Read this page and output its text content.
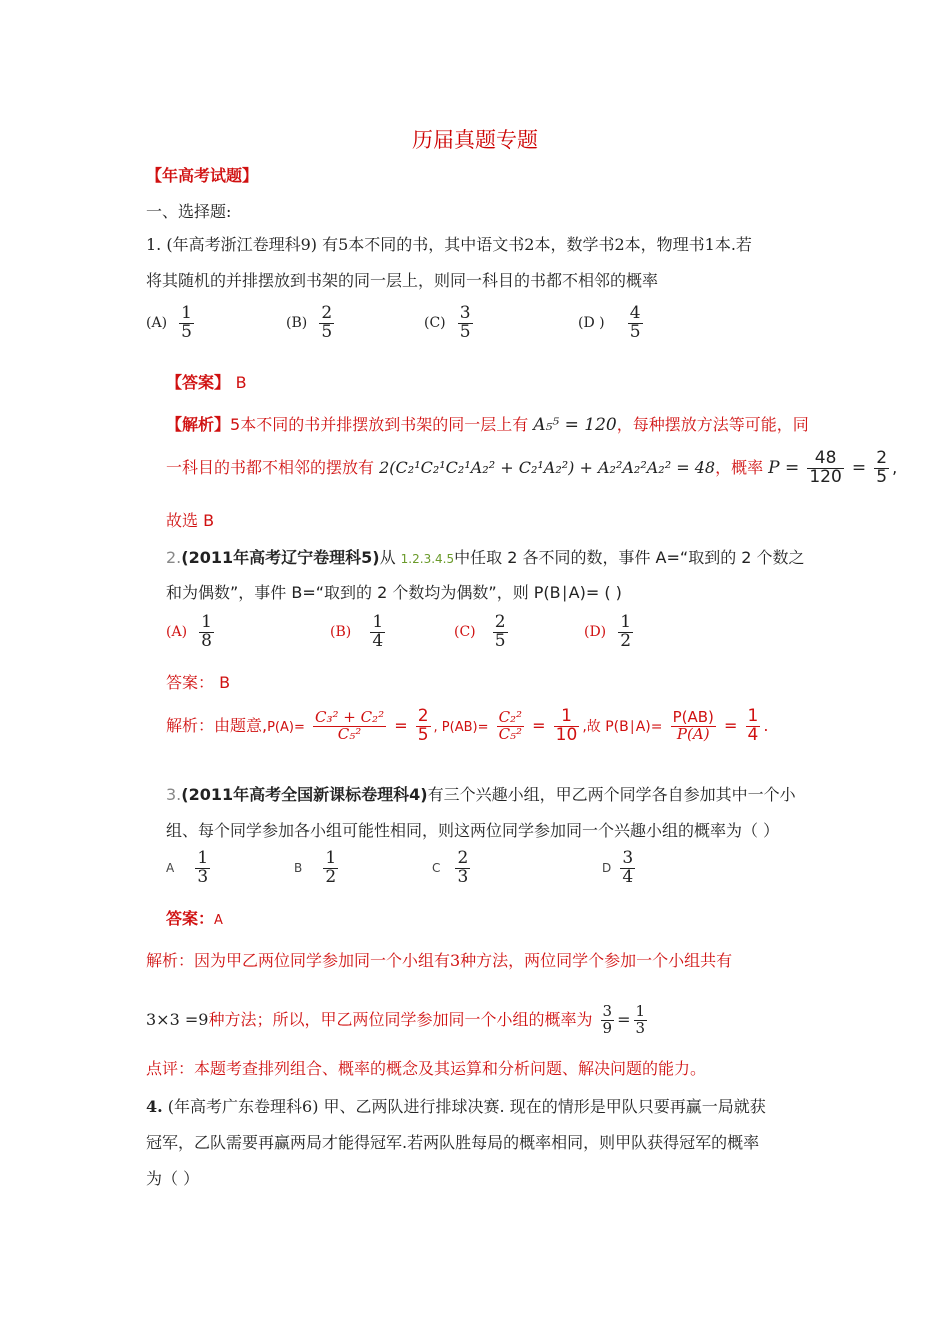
历届真题专题
【年高考试题】
一、选择题:
1. (年高考浙江卷理科9) 有5本不同的书，其中语文书2本，数学书2本，物理书1本.若
将其随机的并排摆放到书架的同一层上，则同一科目的书都不相邻的概率
$(A) \frac{1}{5}$	$(B) \frac{2}{5}$	$(C) \frac{3}{5}$	(D ) $\frac{4}{5}$
【答案】 B
【解析】5本不同的书并排摆放到书架的同一层上有 A₅⁵ = 120，每种摆放方法等可能，同
一科目的书都不相邻的摆放有 2(C₂¹C₂¹C₂¹A₂² + C₂¹A₂²) + A₂²A₂²A₂² = 48，概率 $P = \frac{48}{120} = \frac{2}{5}$ ,
故选 B
2.(2011年高考辽宁卷理科5)从 1.2.3.4.5中任取 2 各不同的数，事件 A=“取到的 2 个数之
和为偶数”，事件 B=“取到的 2 个数均为偶数”，则 P(B∣A)= ( )
$(A) \frac{1}{8}$	$(B) \frac{1}{4}$	$(C) \frac{2}{5}$	$(D) \frac{1}{2}$
答案： B
解析：由题意$,P(A)= \frac{\text{C₃² + C₂²}}{\text{C₅²}} = \frac{2}{5}$ , $P(AB)= \frac{\text{C₂²}}{\text{C₅²}} = \frac{1}{10}$ ,故 P(B∣A)= $\frac{P(AB)}{P(A)} = \frac{1}{4}$ .
3.(2011年高考全国新课标卷理科4)有三个兴趣小组，甲乙两个同学各自参加其中一个小
组、每个同学参加各小组可能性相同，则这两位同学参加同一个兴趣小组的概率为（ ）
A $\frac{1}{3}$	B $\frac{1}{2}$	C $\frac{2}{3}$	D $\frac{3}{4}$
答案：A
解析：因为甲乙两位同学参加同一个小组有3种方法，两位同学个参加一个小组共有
3×3 =9种方法；所以，甲乙两位同学参加同一个小组的概率为 $\frac{3}{9} = \frac{1}{3}$
点评：本题考查排列组合、概率的概念及其运算和分析问题、解决问题的能力。
4. (年高考广东卷理科6) 甲、乙两队进行排球决赛. 现在的情形是甲队只要再赢一局就获
冠军，乙队需要再赢两局才能得冠军.若两队胜每局的概率相同，则甲队获得冠军的概率
为（ ）
